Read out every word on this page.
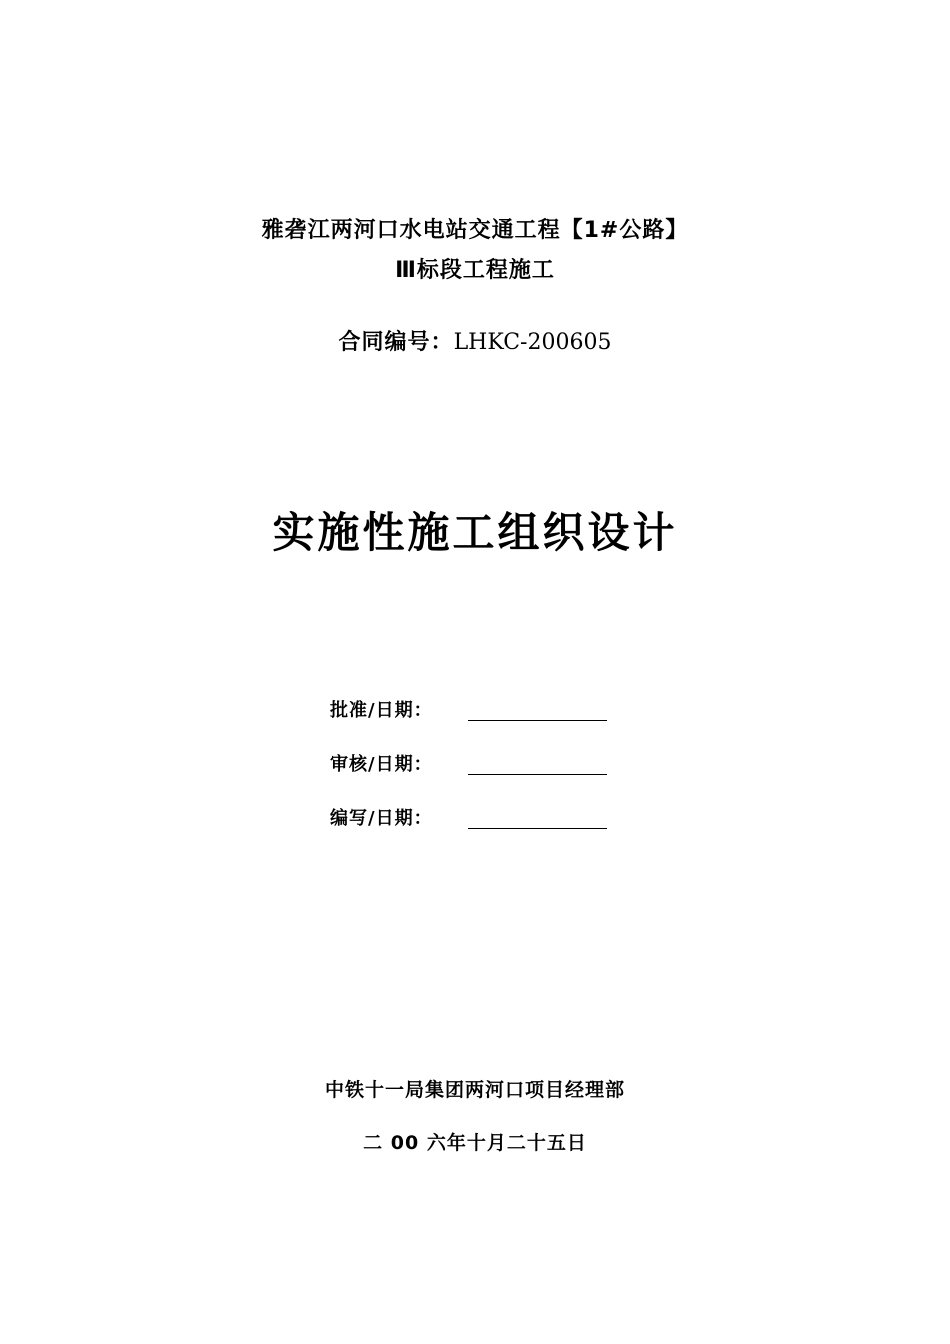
雅砻江两河口水电站交通工程【1#公路】
Ⅲ标段工程施工
合同编号：LHKC-200605
实施性施工组织设计
批准/日期：
审核/日期：
编写/日期：
中铁十一局集团两河口项目经理部
二 00 六年十月二十五日
